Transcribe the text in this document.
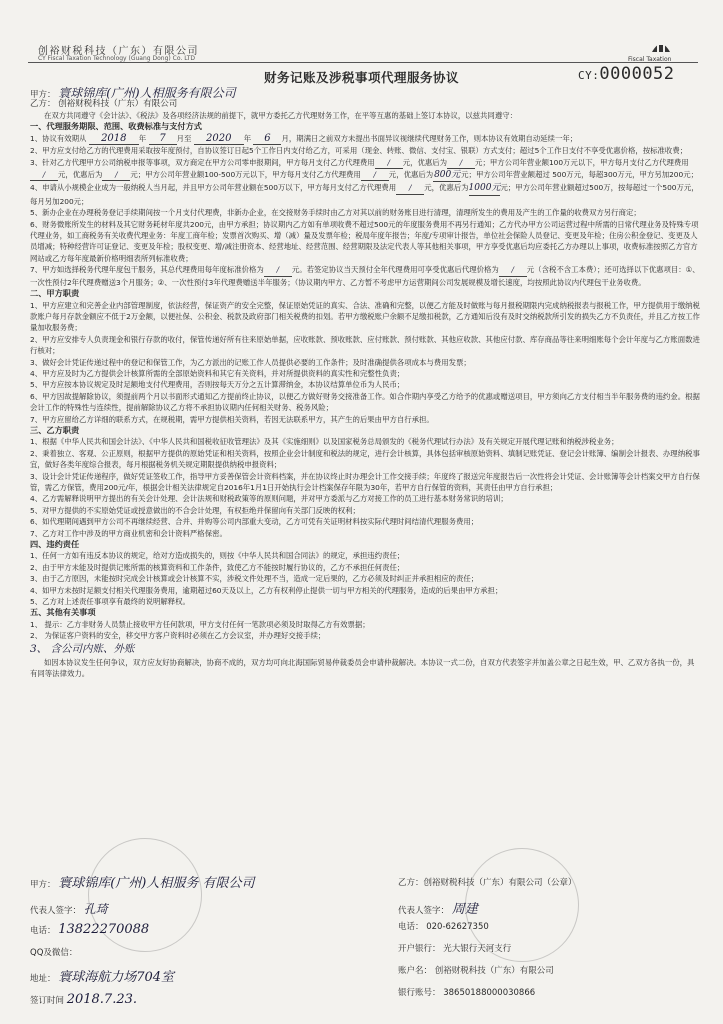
创裕财税科技（广东）有限公司
CY Fiscal Taxation Technology (Guang Dong) Co. LTD	Fiscal Taxation
财务记账及涉税事项代理服务协议	CY:0000052
甲方： 寰球锦库(广州)人相服务有限公司
乙方： 创裕财税科技（广东）有限公司

在双方共同遵守《会计法》、《税法》及各项经济法规的前提下，就甲方委托乙方代理财务工作，在平等互惠的基础上签订本协议，以兹共同遵守：

一、代理服务期限、范围、收费标准与支付方式

1、协议有效期从 2018 年 7 月至 2020 年 6 月，期满日之前双方未提出书面异议视继续代理财务工作，则本协议有效期自动延续一年；

2、甲方应支付给乙方的代理费用采取按年度预付，自协议签订日起5个工作日内支付给乙方，可采用（现金、转账、微信、支付宝、银联）方式支付；超过5个工作日支付不享受优惠价格，按标准收费；

3、针对乙方代理甲方公司纳税申报等事项，双方商定在甲方公司零申报期间，甲方每月支付乙方代理费用 / 元，优惠后为 / 元；甲方公司年营业额100万元以下，甲方每月支付乙方代理费用/ 元，优惠后为 / 元；甲方公司年营业额100-500万元以下，甲方每月支付乙方代理费用 / 元，优惠后为800元元；甲方公司年营业额超过 500万元，每超300万元，甲方另加200元；

4、申请从小规模企业成为一般纳税人当月起，并且甲方公司年营业额在500万以下，甲方每月支付乙方代理费用 / 元，优惠后为1000元元；甲方公司年营业额超过500万，按每超过一个500万元，每月另加200元；

5、新办企业在办理税务登记手续期间按一个月支付代理费，非新办企业，在交接财务手续时由乙方对其以前的财务账目进行清理，清理所发生的费用及产生的工作量的收费双方另行商定；

6、财务微账所发生的材料及其它财务耗材年度共200元，由甲方承担；协议期内乙方如有单项收费不超过500元的年度服务费用不再另行通知；乙方代办甲方公司运营过程中所需的日常代理业务及特殊专项代理业务，如工商税务有关收费代理业务：年度工商年检；发票首次购买、增（减）量及发票年检；税局年度年报告；年度/专项审计报告，单位社会保险人员登记、变更及年检；住房公积金登记、变更及人员增减；特种经营许可证登记、变更及年检；股权变更、增/减注册资本、经营地址、经营范围、经营期限及法定代表人等其他相关事项，甲方享受优惠后均应委托乙方办理以上事项，收费标准按照乙方官方网站或乙方每年度最新价格明细表所列标准收费；

7、甲方如选择税务代理年度包干服务，其总代理费用每年度标准价格为 / 元。若签定协议当天预付全年代理费用可享受优惠后代理价格为 / 元（含税不含工本费）；还可选择以下优惠项目：①、一次性预付2年代理费赠送3个月服务；②、一次性预付3年代理费赠送半年服务；（协议期内甲方、乙方暂不考虑甲方运营期间公司发展规模及增长速度，均按照此协议内代理包干业务收费。

二、甲方职责

1、甲方应建立和完善企业内部管理制度，依法经营，保证资产的安全完整，保证原始凭证的真实、合法、准确和完整，以便乙方能及时做账与每月报税期限内完成纳税报表与报税工作，甲方提供用于缴纳税款账户每月存款金额应不低于2万金额，以便社保、公积金、税款及政府部门相关税费的扣划。若甲方缴税账户余额不足缴扣税款，乙方通知后没有及时交纳税款所引发的损失乙方不负责任，并且乙方按工作量加收服务费；

2、甲方应安排专人负责现金和银行存款的收付，保管传递好所有往来原始单据，应收账款、预收账款、应付账款、预付账款、其他应收款、其他应付款、库存商品等往来明细账每个会计年度与乙方账面数进行核对；

3、做好会计凭证传递过程中的登记和保管工作，为乙方派出的记账工作人员提供必要的工作条件；及时准确提供各项成本与费用发票；

4、甲方应及时为乙方提供会计核算所需的全部原始资料和其它有关资料，并对所提供资料的真实性和完整性负责；

5、甲方应按本协议规定及时足额地支付代理费用，否则按每天万分之五计算滞纳金，本协议结算单位币为人民币；

6、甲方因故提解除协议，须提前两个月以书面形式通知乙方提前终止协议，以便乙方做好财务交接准备工作。如合作期内享受乙方给予的优惠或赠送项目，甲方须向乙方支付相当半年服务费的违约金。根据会计工作的特殊性与连续性，提前解除协议乙方将不承担协议期内任何相关财务、税务风险；

7、甲方应留给乙方详细的联系方式，在规税期，需甲方提供相关资料，若因无法联系甲方，其产生的后果由甲方自行承担。

三、乙方职责

1、根据《中华人民共和国会计法》、《中华人民共和国税收征收管理法》及其《实施细则》以及国家税务总局颁发的《税务代理试行办法》及有关规定开展代理记账和纳税涉税业务；

2、秉着独立、客观、公正原则，根据甲方提供的原始凭证和相关资料，按照企业会计制度和税法的规定，进行会计核算，具体包括审核原始资料、填制记账凭证、登记会计账簿、编制会计报表、办理纳税事宜，做好各类年度综合报表，每月根据税务机关规定期限提供纳税申报资料；

3、设计会计凭证传递程序，做好凭证签收工作，指导甲方妥善保管会计资料档案，并在协议终止时办理会计工作交接手续；年度终了报送完年度报告后一次性将会计凭证、会计账簿等会计档案交甲方自行保管，需乙方保管，费用200元/年，根据会计相关法律规定自2016年1月1日开始执行会计档案保存年限为30年，若甲方自行保管的资料，其责任由甲方自行承担；

4、乙方需解释说明甲方提出的有关会计处理、会计法规和财税政策等的原则问题，并对甲方委派与乙方对接工作的员工进行基本财务常识的培训；

5、对甲方提供的不实原始凭证或授意做出的不合会计处理，有权拒绝并保留向有关部门反映的权利；

6、如代理期间遇到甲方公司不再继续经营、合并、并购等公司内部重大变动，乙方可凭有关证明材料按实际代理时间结清代理服务费用；

7、乙方对工作中涉及的甲方商业机密和会计资料严格保密。

四、违约责任

1、任何一方如有违反本协议的规定，给对方造成损失的，则按《中华人民共和国合同法》的规定，承担违约责任；

2、由于甲方未能及时提供记账所需的核算资料和工作条件，致使乙方不能按时履行协议的，乙方不承担任何责任；

3、由于乙方原因，未能按时完成会计核算或会计核算不实，涉税文件处理不当，造成一定后果的，乙方必须及时纠正并承担相应的责任；

4、如甲方未按时足额支付相关代理服务费用，逾期超过60天及以上，乙方有权利停止提供一切与甲方相关的代理服务，造成的后果由甲方承担；

5、乙方对上述责任事项享有最终的说明解释权。

五、其他有关事项

1、 提示：乙方非财务人员禁止接收甲方任何款项，甲方支付任何一笔款项必须及时取得乙方有效票据；

2、 为保证客户资料的安全，移交甲方客户资料时必须在乙方会议室，并办理好交接手续；

3、 含公司内账、外账

如因本协议发生任何争议，双方应友好协商解决，协商不成的，双方均可向北海国际贸易仲裁委员会申请仲裁解决。本协议一式二份，自双方代表签字并加盖公章之日起生效，甲、乙双方各执一份，具有同等法律效力。

甲方： 寰球锦库(广州)人相服务 有限公司
代表人签字： 孔琦
电话： 13822270088
QQ及微信：
地址： 寰球海航力场704室
签订时间 2018.7.23.
乙方：创裕财税科技（广东）有限公司（公章）
代表人签字： 周建
电话： 020-62627350
开户银行： 光大银行天河支行
账户名： 创裕财税科技（广东）有限公司
银行账号： 38650188000030866
